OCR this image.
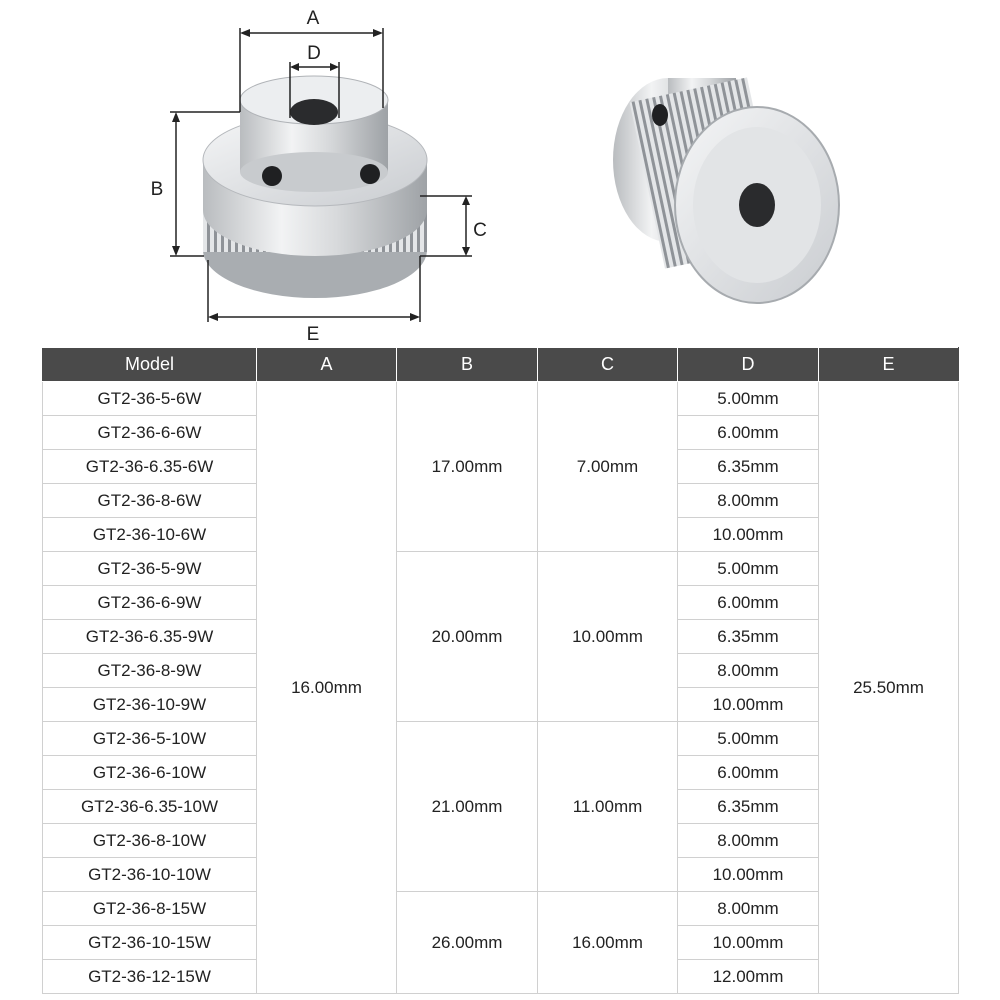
A
D
B
C
E
Model	A	B	C	D	E
GT2-36-5-6W	16.00mm	17.00mm	7.00mm	5.00mm	25.50mm
GT2-36-6-6W				6.00mm	
GT2-36-6.35-6W				6.35mm	
GT2-36-8-6W				8.00mm	
GT2-36-10-6W				10.00mm	
GT2-36-5-9W		20.00mm	10.00mm	5.00mm	
GT2-36-6-9W				6.00mm	
GT2-36-6.35-9W				6.35mm	
GT2-36-8-9W				8.00mm	
GT2-36-10-9W				10.00mm	
GT2-36-5-10W		21.00mm	11.00mm	5.00mm	
GT2-36-6-10W				6.00mm	
GT2-36-6.35-10W				6.35mm	
GT2-36-8-10W				8.00mm	
GT2-36-10-10W				10.00mm	
GT2-36-8-15W		26.00mm	16.00mm	8.00mm	
GT2-36-10-15W				10.00mm	
GT2-36-12-15W				12.00mm	
